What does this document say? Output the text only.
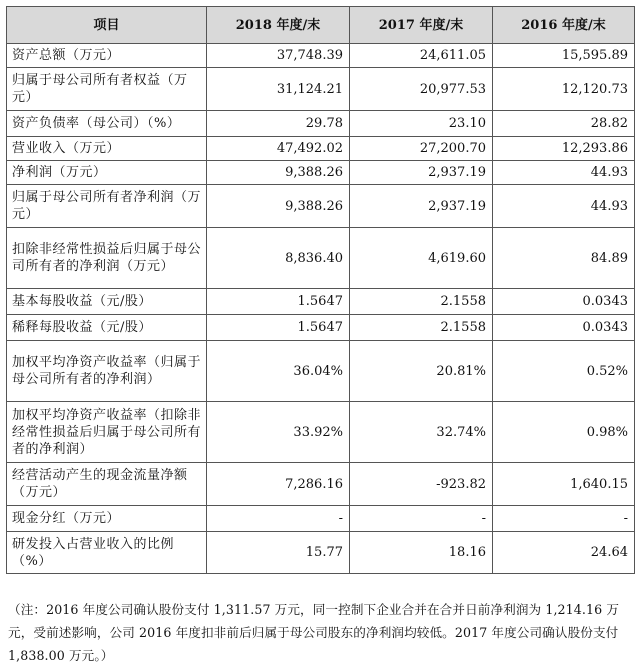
项目	2018 年度/末	2017 年度/末	2016 年度/末
资产总额（万元）	37,748.39	24,611.05	15,595.89
归属于母公司所有者权益（万元）	31,124.21	20,977.53	12,120.73
资产负债率（母公司）（%）	29.78	23.10	28.82
营业收入（万元）	47,492.02	27,200.70	12,293.86
净利润（万元）	9,388.26	2,937.19	44.93
归属于母公司所有者净利润（万元）	9,388.26	2,937.19	44.93
扣除非经常性损益后归属于母公司所有者的净利润（万元）	8,836.40	4,619.60	84.89
基本每股收益（元/股）	1.5647	2.1558	0.0343
稀释每股收益（元/股）	1.5647	2.1558	0.0343
加权平均净资产收益率（归属于母公司所有者的净利润）	36.04%	20.81%	0.52%
加权平均净资产收益率（扣除非经常性损益后归属于母公司所有者的净利润）	33.92%	32.74%	0.98%
经营活动产生的现金流量净额（万元）	7,286.16	-923.82	1,640.15
现金分红（万元）	-	-	-
研发投入占营业收入的比例（%）	15.77	18.16	24.64
（注：2016 年度公司确认股份支付 1,311.57 万元，同一控制下企业合并在合并日前净利润为 1,214.16 万元，受前述影响，公司 2016 年度扣非前后归属于母公司股东的净利润均较低。2017 年度公司确认股份支付 1,838.00 万元。）
